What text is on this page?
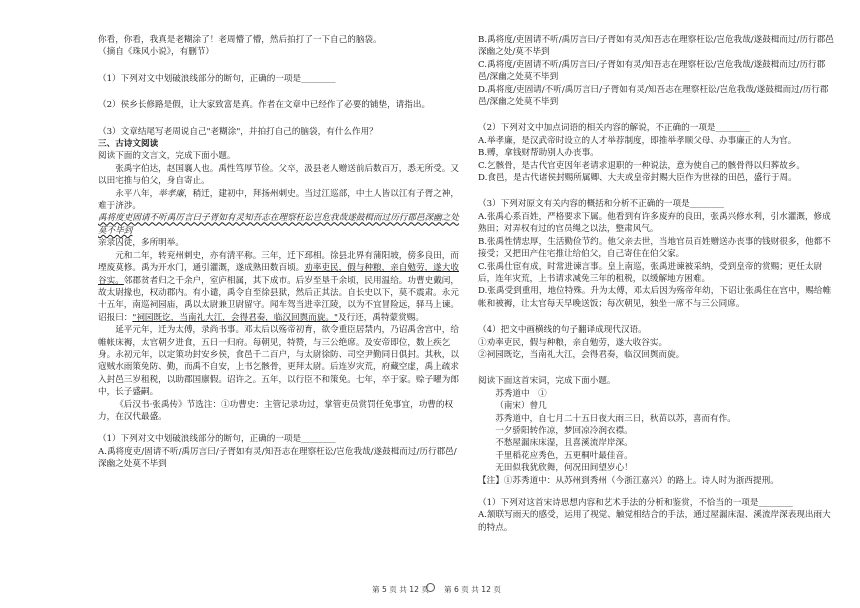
你看，你看，我真是老糊涂了！老周懵了懵，然后拍打了一下自己的脑袋。

（摘自《珠风小说》，有删节）

（1）下列对文中划破浪线部分的断句，正确的一项是________

（2）侯乡长修路是假，让大家致富是真。作者在文章中已经作了必要的铺垫，请指出。

（3）文章结尾写老周说自己"老糊涂"，并拍打自己的脑袋，有什么作用？

三、古诗文阅读

阅读下面的文言文，完成下面小题。

张禹字伯达，赵国襄人也。禹性笃厚节俭。父卒，汲县老人赠送前后数百万，悉无所受。又以田宅推与伯父，身自寄止。

永平八年，举孝廉，稍迁，建初中，拜扬州刺史。当过江巡部，中土人皆以江有子胥之神，难于济涉。

禹将度吏固请不听禹厉言曰子胥如有灵知吾志在理察枉讼岂危我哉遂鼓楫而过历行郡邑深幽之处莫不毕到

亲录囚徒，多所明举。

元和二年，转兖州刺史，亦有清平称。三年，迁下邳相。徐县北界有蒲阳坡，傍多良田，而堙废莫修。禹为开水门，通引灌溉，遂成熟田数百顷。劝率吏民，假与种粮，亲自勉劳，遂大收谷实。邻郡贫者归之千余户，室庐相属，其下成市。后岁至垦千余顷，民用温给。功曹史戴闰，故太尉掾也，权动郡内。有小谴，禹令自至徐县狱，然后正其法。自长史以下，莫不震肃。永元十五年，南巡祠园庙，禹以太尉兼卫尉留守。闻车驾当进幸江陵，以为不宜冒险远，驿马上谏。诏报曰："祠园既讫，当南礼大江，会得君奏，临汉回舆而旋。"及行还，禹特蒙赏赐。

延平元年，迁为太傅，录尚书事。邓太后以殇帝初育，欲令重臣居禁内，乃诏禹舍宫中，给帷帐床褥，太官朝夕进食，五日一归府。每朝见，特赞，与三公绝席。及安帝即位，数上疾乞身。永初元年，以定策功封安乡侯，食邑千二百户，与太尉徐防、司空尹勤同日俱封。其秋，以寇贼水雨策免防、勤，而禹不自安，上书乞骸骨，更拜太尉。后连岁灾荒，府藏空虚，禹上疏求入封邑三岁租税，以助郡国廪假。诏许之。五年，以行臣不和策免。七年，卒于家。赊子曜为郎中，长子盛嗣。

《后汉书·张禹传》节选注：①功曹史：主管记录功过，掌管吏员赏罚任免事宜，功曹的权力，在汉代最盛。

（1）下列对文中划破浪线部分的断句，正确的一项是________

A.禹将度吏/固请不听/禹厉言曰/子胥如有灵/知吾志在理察枉讼/岂危我哉/遂鼓楫而过/历行郡邑/深幽之处莫不毕到

B.禹将度/吏固请不听/禹厉言曰/子胥如有灵/知吾志在理察枉讼/岂危我哉/遂鼓楫而过/历行郡邑深幽之处/莫不毕到

C.禹将度/吏固请不听/禹厉言曰/子胥如有灵/知吾志在理察枉讼/岂危我哉/遂鼓楫而过/历行郡邑/深幽之处莫不毕到

D.禹将度/吏固请/不听/禹厉言曰/子胥如有灵/知吾志在理察枉讼/岂危我哉/遂鼓楫而过/历行郡邑/深幽之处莫不毕到

（2）下列对文中加点词语的相关内容的解说，不正确的一项是________

A.举孝廉，是汉武帝时设立的人才举荐制度，即推举孝顺父母、办事廉正的人为官。

B.赙，拿钱财帮助别人办丧事。

C.乞骸骨，是古代官吏因年老请求退职的一种说法，意为使自己的骸骨得以归葬故乡。

D.食邑，是古代诸侯封赐所属卿、大夫或皇帝封赐大臣作为世禄的田邑，盛行于周。

（3）下列对原文有关内容的概括和分析不正确的一项是________

A.张禹心系百姓，严格要求下属。他看到有许多废弃的良田，张禹兴修水利，引水灌溉，修成熟田；对弄权有过的官员绳之以法，整肃风气。

B.张禹性情忠厚，生活勤俭节约。他父亲去世，当地官员百姓赠送办丧事的钱财很多，他都不接受；又把田产住宅推让给伯父，自己寄住在伯父家。

C.张禹仕宦有成，时常进谏言事。皇上南巡，张禹进谏被采纳，受到皇帝的赏赐；更任太尉后，连年灾荒，上书请求减免三年的租税，以缓解地方困难。

D.张禹受到重用，地位特殊。升为太傅，邓太后因为殇帝年幼，下诏让张禹住在宫中，赐给帷帐和被褥，让太官每天早晚送饭；每次朝见，独坐一席不与三公同席。

（4）把文中画横线的句子翻译成现代汉语。

①劝率吏民，假与种粮，亲自勉劳，遂大收谷实。

②祠园既讫，当南礼大江，会得君奏，临汉回舆而旋。

阅读下面这首宋词，完成下面小题。

苏秀道中　①

（南宋）曾几

苏秀道中，自七月二十五日夜大雨三日，秋苗以苏，喜而有作。

一夕骄阳转作凉，梦回凉冷润衣襟。

不愁屋漏床床湿，且喜溪流岸岸深。

千里稻花应秀色，五更桐叶最佳音。

无田似我犹欣舞，何况田间望岁心！

【注】①苏秀道中：从苏州到秀州（今浙江嘉兴）的路上。诗人时为浙西提刑。

（1）下列对这首宋诗思想内容和艺术手法的分析和鉴赏，不恰当的一项是________

A.颔联写雨天的感受，运用了视觉、触觉相结合的手法，通过屋漏床湿、溪流岸深表现出雨大的特点。

第 5 页 共 12 页 第 6 页 共 12 页
